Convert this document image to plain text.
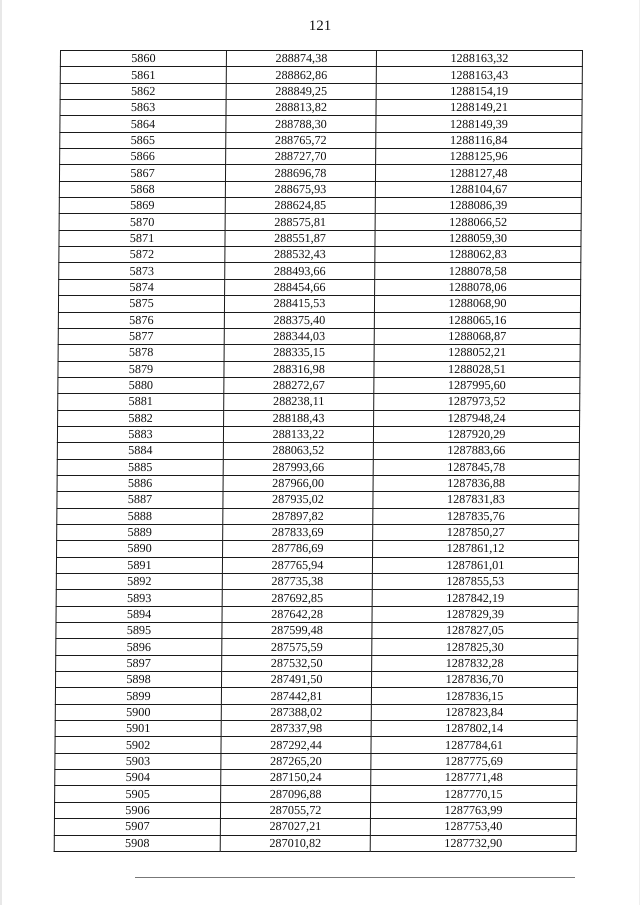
121
5860	288874,38	1288163,32
5861	288862,86	1288163,43
5862	288849,25	1288154,19
5863	288813,82	1288149,21
5864	288788,30	1288149,39
5865	288765,72	1288116,84
5866	288727,70	1288125,96
5867	288696,78	1288127,48
5868	288675,93	1288104,67
5869	288624,85	1288086,39
5870	288575,81	1288066,52
5871	288551,87	1288059,30
5872	288532,43	1288062,83
5873	288493,66	1288078,58
5874	288454,66	1288078,06
5875	288415,53	1288068,90
5876	288375,40	1288065,16
5877	288344,03	1288068,87
5878	288335,15	1288052,21
5879	288316,98	1288028,51
5880	288272,67	1287995,60
5881	288238,11	1287973,52
5882	288188,43	1287948,24
5883	288133,22	1287920,29
5884	288063,52	1287883,66
5885	287993,66	1287845,78
5886	287966,00	1287836,88
5887	287935,02	1287831,83
5888	287897,82	1287835,76
5889	287833,69	1287850,27
5890	287786,69	1287861,12
5891	287765,94	1287861,01
5892	287735,38	1287855,53
5893	287692,85	1287842,19
5894	287642,28	1287829,39
5895	287599,48	1287827,05
5896	287575,59	1287825,30
5897	287532,50	1287832,28
5898	287491,50	1287836,70
5899	287442,81	1287836,15
5900	287388,02	1287823,84
5901	287337,98	1287802,14
5902	287292,44	1287784,61
5903	287265,20	1287775,69
5904	287150,24	1287771,48
5905	287096,88	1287770,15
5906	287055,72	1287763,99
5907	287027,21	1287753,40
5908	287010,82	1287732,90
